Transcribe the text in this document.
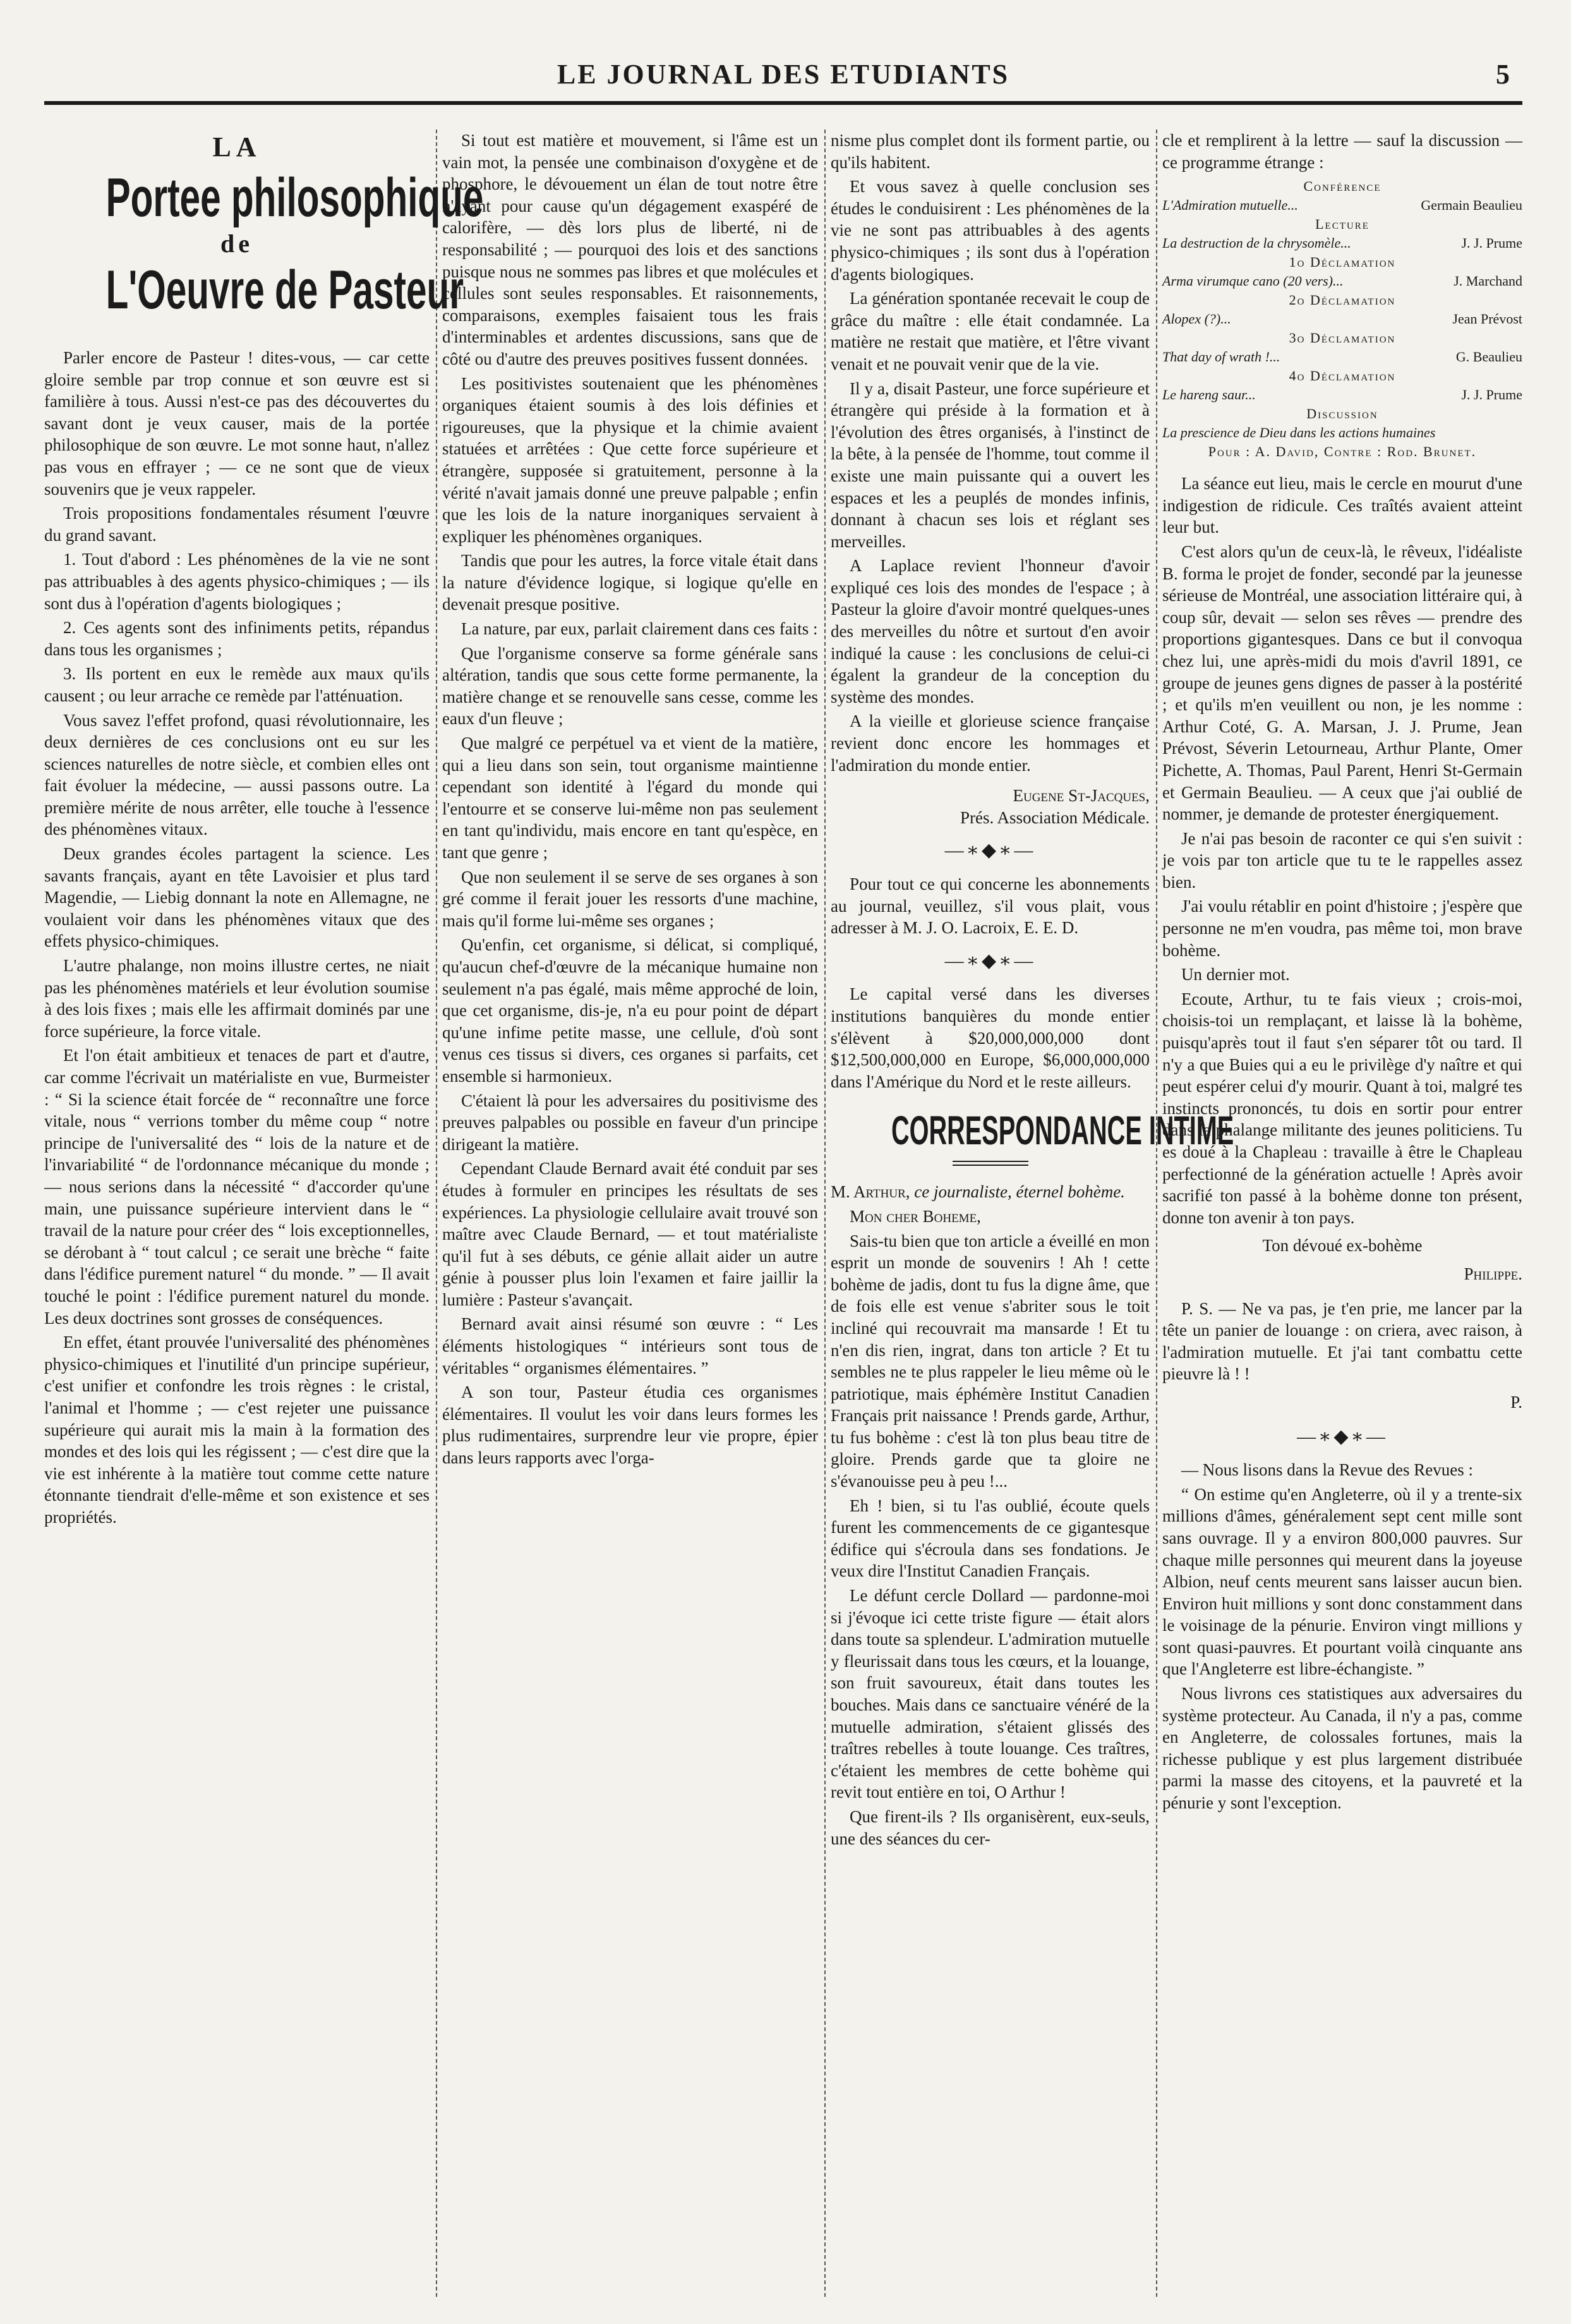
LE JOURNAL DES ETUDIANTS	5
LA
Portee philosophique
de
L'Oeuvre de Pasteur

Parler encore de Pasteur ! dites-vous, — car cette gloire semble par trop connue et son œuvre est si familière à tous. Aussi n'est-ce pas des découvertes du savant dont je veux causer, mais de la portée philosophique de son œuvre. Le mot sonne haut, n'allez pas vous en effrayer ; — ce ne sont que de vieux souvenirs que je veux rappeler.

Trois propositions fondamentales résument l'œuvre du grand savant.

1. Tout d'abord : Les phénomènes de la vie ne sont pas attribuables à des agents physico-chimiques ; — ils sont dus à l'opération d'agents biologiques ;

2. Ces agents sont des infiniments petits, répandus dans tous les organismes ;

3. Ils portent en eux le remède aux maux qu'ils causent ; ou leur arrache ce remède par l'atténuation.

Vous savez l'effet profond, quasi révolutionnaire, les deux dernières de ces conclusions ont eu sur les sciences naturelles de notre siècle, et combien elles ont fait évoluer la médecine, — aussi passons outre. La première mérite de nous arrêter, elle touche à l'essence des phénomènes vitaux.

Deux grandes écoles partagent la science. Les savants français, ayant en tête Lavoisier et plus tard Magendie, — Liebig donnant la note en Allemagne, ne voulaient voir dans les phénomènes vitaux que des effets physico-chimiques.

L'autre phalange, non moins illustre certes, ne niait pas les phénomènes matériels et leur évolution soumise à des lois fixes ; mais elle les affirmait dominés par une force supérieure, la force vitale.

Et l'on était ambitieux et tenaces de part et d'autre, car comme l'écrivait un matérialiste en vue, Burmeister : “ Si la science était forcée de “ reconnaître une force vitale, nous “ verrions tomber du même coup “ notre principe de l'universalité des “ lois de la nature et de l'invariabilité “ de l'ordonnance mécanique du monde ; — nous serions dans la nécessité “ d'accorder qu'une main, une puissance supérieure intervient dans le “ travail de la nature pour créer des “ lois exceptionnelles, se dérobant à “ tout calcul ; ce serait une brèche “ faite dans l'édifice purement naturel “ du monde. ” — Il avait touché le point : l'édifice purement naturel du monde. Les deux doctrines sont grosses de conséquences.

En effet, étant prouvée l'universalité des phénomènes physico-chimiques et l'inutilité d'un principe supérieur, c'est unifier et confondre les trois règnes : le cristal, l'animal et l'homme ; — c'est rejeter une puissance supérieure qui aurait mis la main à la formation des mondes et des lois qui les régissent ; — c'est dire que la vie est inhérente à la matière tout comme cette nature étonnante tiendrait d'elle-même et son existence et ses propriétés.

Si tout est matière et mouvement, si l'âme est un vain mot, la pensée une combinaison d'oxygène et de phosphore, le dévouement un élan de tout notre être n'ayant pour cause qu'un dégagement exaspéré de calorifère, — dès lors plus de liberté, ni de responsabilité ; — pourquoi des lois et des sanctions puisque nous ne sommes pas libres et que molécules et cellules sont seules responsables. Et raisonnements, comparaisons, exemples faisaient tous les frais d'interminables et ardentes discussions, sans que de côté ou d'autre des preuves positives fussent données.

Les positivistes soutenaient que les phénomènes organiques étaient soumis à des lois définies et rigoureuses, que la physique et la chimie avaient statuées et arrêtées : Que cette force supérieure et étrangère, supposée si gratuitement, personne à la vérité n'avait jamais donné une preuve palpable ; enfin que les lois de la nature inorganiques servaient à expliquer les phénomènes organiques.

Tandis que pour les autres, la force vitale était dans la nature d'évidence logique, si logique qu'elle en devenait presque positive.

La nature, par eux, parlait clairement dans ces faits :

Que l'organisme conserve sa forme générale sans altération, tandis que sous cette forme permanente, la matière change et se renouvelle sans cesse, comme les eaux d'un fleuve ;

Que malgré ce perpétuel va et vient de la matière, qui a lieu dans son sein, tout organisme maintienne cependant son identité à l'égard du monde qui l'entourre et se conserve lui-même non pas seulement en tant qu'individu, mais encore en tant qu'espèce, en tant que genre ;

Que non seulement il se serve de ses organes à son gré comme il ferait jouer les ressorts d'une machine, mais qu'il forme lui-même ses organes ;

Qu'enfin, cet organisme, si délicat, si compliqué, qu'aucun chef-d'œuvre de la mécanique humaine non seulement n'a pas égalé, mais même approché de loin, que cet organisme, dis-je, n'a eu pour point de départ qu'une infime petite masse, une cellule, d'où sont venus ces tissus si divers, ces organes si parfaits, cet ensemble si harmonieux.

C'étaient là pour les adversaires du positivisme des preuves palpables ou possible en faveur d'un principe dirigeant la matière.

Cependant Claude Bernard avait été conduit par ses études à formuler en principes les résultats de ses expériences. La physiologie cellulaire avait trouvé son maître avec Claude Bernard, — et tout matérialiste qu'il fut à ses débuts, ce génie allait aider un autre génie à pousser plus loin l'examen et faire jaillir la lumière : Pasteur s'avançait.

Bernard avait ainsi résumé son œuvre : “ Les éléments histologiques “ intérieurs sont tous de véritables “ organismes élémentaires. ”

A son tour, Pasteur étudia ces organismes élémentaires. Il voulut les voir dans leurs formes les plus rudimentaires, surprendre leur vie propre, épier dans leurs rapports avec l'orga-

nisme plus complet dont ils forment partie, ou qu'ils habitent.

Et vous savez à quelle conclusion ses études le conduisirent : Les phénomènes de la vie ne sont pas attribuables à des agents physico-chimiques ; ils sont dus à l'opération d'agents biologiques.

La génération spontanée recevait le coup de grâce du maître : elle était condamnée. La matière ne restait que matière, et l'être vivant venait et ne pouvait venir que de la vie.

Il y a, disait Pasteur, une force supérieure et étrangère qui préside à la formation et à l'évolution des êtres organisés, à l'instinct de la bête, à la pensée de l'homme, tout comme il existe une main puissante qui a ouvert les espaces et les a peuplés de mondes infinis, donnant à chacun ses lois et réglant ses merveilles.

A Laplace revient l'honneur d'avoir expliqué ces lois des mondes de l'espace ; à Pasteur la gloire d'avoir montré quelques-unes des merveilles du nôtre et surtout d'en avoir indiqué la cause : les conclusions de celui-ci égalent la grandeur de la conception du système des mondes.

A la vieille et glorieuse science française revient donc encore les hommages et l'admiration du monde entier.

Eugene St-Jacques,
Prés. Association Médicale.
—∗◆∗—

Pour tout ce qui concerne les abonnements au journal, veuillez, s'il vous plait, vous adresser à M. J. O. Lacroix, E. E. D.

—∗◆∗—

Le capital versé dans les diverses institutions banquières du monde entier s'élèvent à $20,000,000,000 dont $12,500,000,000 en Europe, $6,000,000,000 dans l'Amérique du Nord et le reste ailleurs.

CORRESPONDANCE INTIME

M. Arthur, ce journaliste, éternel bohème.

Mon cher Boheme,

Sais-tu bien que ton article a éveillé en mon esprit un monde de souvenirs ! Ah ! cette bohème de jadis, dont tu fus la digne âme, que de fois elle est venue s'abriter sous le toit incliné qui recouvrait ma mansarde ! Et tu n'en dis rien, ingrat, dans ton article ? Et tu sembles ne te plus rappeler le lieu même où le patriotique, mais éphémère Institut Canadien Français prit naissance ! Prends garde, Arthur, tu fus bohème : c'est là ton plus beau titre de gloire. Prends garde que ta gloire ne s'évanouisse peu à peu !...

Eh ! bien, si tu l'as oublié, écoute quels furent les commencements de ce gigantesque édifice qui s'écroula dans ses fondations. Je veux dire l'Institut Canadien Français.

Le défunt cercle Dollard — pardonne-moi si j'évoque ici cette triste figure — était alors dans toute sa splendeur. L'admiration mutuelle y fleurissait dans tous les cœurs, et la louange, son fruit savoureux, était dans toutes les bouches. Mais dans ce sanctuaire vénéré de la mutuelle admiration, s'étaient glissés des traîtres rebelles à toute louange. Ces traîtres, c'étaient les membres de cette bohème qui revit tout entière en toi, O Arthur !

Que firent-ils ? Ils organisèrent, eux-seuls, une des séances du cer-

cle et remplirent à la lettre — sauf la discussion — ce programme étrange :

Conférence
L'Admiration mutuelle...	Germain Beaulieu
Lecture
La destruction de la chrysomèle...	J. J. Prume
1o Déclamation
Arma virumque cano (20 vers)...	J. Marchand
2o Déclamation
Alopex (?)...	Jean Prévost
3o Déclamation
That day of wrath !...	G. Beaulieu
4o Déclamation
Le hareng saur...	J. J. Prume
Discussion
La prescience de Dieu dans les actions humaines
Pour : A. David, Contre : Rod. Brunet.

La séance eut lieu, mais le cercle en mourut d'une indigestion de ridicule. Ces traîtés avaient atteint leur but.

C'est alors qu'un de ceux-là, le rêveux, l'idéaliste B. forma le projet de fonder, secondé par la jeunesse sérieuse de Montréal, une association littéraire qui, à coup sûr, devait — selon ses rêves — prendre des proportions gigantesques. Dans ce but il convoqua chez lui, une après-midi du mois d'avril 1891, ce groupe de jeunes gens dignes de passer à la postérité ; et qu'ils m'en veuillent ou non, je les nomme : Arthur Coté, G. A. Marsan, J. J. Prume, Jean Prévost, Séverin Letourneau, Arthur Plante, Omer Pichette, A. Thomas, Paul Parent, Henri St-Germain et Germain Beaulieu. — A ceux que j'ai oublié de nommer, je demande de protester énergiquement.

Je n'ai pas besoin de raconter ce qui s'en suivit : je vois par ton article que tu te le rappelles assez bien.

J'ai voulu rétablir en point d'histoire ; j'espère que personne ne m'en voudra, pas même toi, mon brave bohème.

Un dernier mot.

Ecoute, Arthur, tu te fais vieux ; crois-moi, choisis-toi un remplaçant, et laisse là la bohème, puisqu'après tout il faut s'en séparer tôt ou tard. Il n'y a que Buies qui a eu le privilège d'y naître et qui peut espérer celui d'y mourir. Quant à toi, malgré tes instincts prononcés, tu dois en sortir pour entrer dans la phalange militante des jeunes politiciens. Tu es doué à la Chapleau : travaille à être le Chapleau perfectionné de la génération actuelle ! Après avoir sacrifié ton passé à la bohème donne ton présent, donne ton avenir à ton pays.

Ton dévoué ex-bohème
Philippe.

P. S. — Ne va pas, je t'en prie, me lancer par la tête un panier de louange : on criera, avec raison, à l'admiration mutuelle. Et j'ai tant combattu cette pieuvre là ! !

P.
—∗◆∗—

— Nous lisons dans la Revue des Revues :

“ On estime qu'en Angleterre, où il y a trente-six millions d'âmes, généralement sept cent mille sont sans ouvrage. Il y a environ 800,000 pauvres. Sur chaque mille personnes qui meurent dans la joyeuse Albion, neuf cents meurent sans laisser aucun bien. Environ huit millions y sont donc constamment dans le voisinage de la pénurie. Environ vingt millions y sont quasi-pauvres. Et pourtant voilà cinquante ans que l'Angleterre est libre-échangiste. ”

Nous livrons ces statistiques aux adversaires du système protecteur. Au Canada, il n'y a pas, comme en Angleterre, de colossales fortunes, mais la richesse publique y est plus largement distribuée parmi la masse des citoyens, et la pauvreté et la pénurie y sont l'exception.
